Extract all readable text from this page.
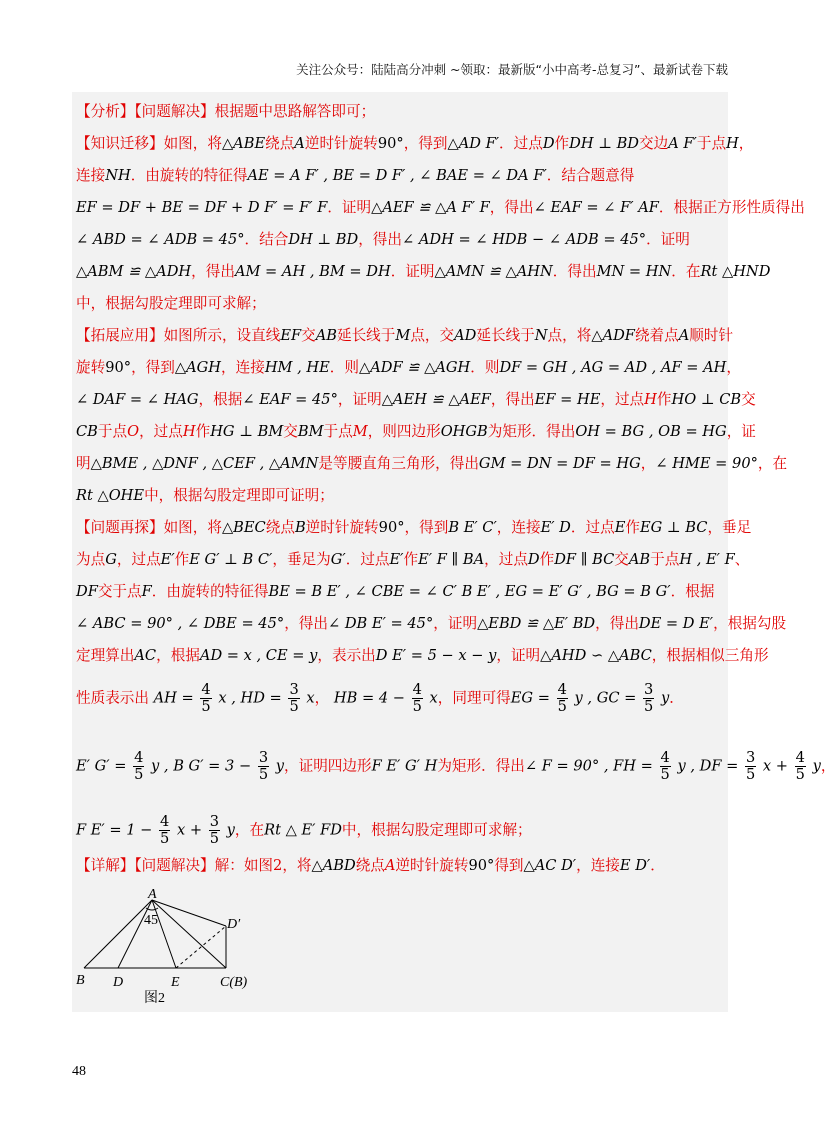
关注公众号：陆陆高分冲刺 ~领取：最新版“小中高考-总复习”、最新试卷下载
【分析】【问题解决】根据题中思路解答即可；
【知识迁移】如图，将△ABE绕点A逆时针旋转90°，得到△AD F′．过点D作DH ⊥ BD交边A F′于点H，
连接NH．由旋转的特征得AE = A F′ , BE = D F′ , ∠ BAE = ∠ DA F′．结合题意得
EF = DF + BE = DF + D F′ = F′ F．证明△AEF ≌ △A F′ F，得出∠ EAF = ∠ F′ AF．根据正方形性质得出
∠ ABD = ∠ ADB = 45°．结合DH ⊥ BD，得出∠ ADH = ∠ HDB − ∠ ADB = 45°．证明
△ABM ≌ △ADH，得出AM = AH , BM = DH．证明△AMN ≌ △AHN．得出MN = HN．在Rt △HND
中，根据勾股定理即可求解；
【拓展应用】如图所示，设直线EF交AB延长线于M点，交AD延长线于N点，将△ADF绕着点A顺时针
旋转90°，得到△AGH，连接HM , HE．则△ADF ≌ △AGH．则DF = GH , AG = AD , AF = AH，
∠ DAF = ∠ HAG，根据∠ EAF = 45°，证明△AEH ≌ △AEF，得出EF = HE，过点H作HO ⊥ CB交
CB于点O，过点H作HG ⊥ BM交BM于点M，则四边形OHGB为矩形．得出OH = BG , OB = HG，证
明△BME , △DNF , △CEF , △AMN是等腰直角三角形，得出GM = DN = DF = HG，∠ HME = 90°，在
Rt △OHE中，根据勾股定理即可证明；
【问题再探】如图，将△BEC绕点B逆时针旋转90°，得到B E′ C′，连接E′ D．过点E作EG ⊥ BC，垂足
为点G，过点E′作E G′ ⊥ B C′，垂足为G′．过点E′作E′ F ∥ BA，过点D作DF ∥ BC交AB于点H , E′ F、
DF交于点F．由旋转的特征得BE = B E′ , ∠ CBE = ∠ C′ B E′ , EG = E′ G′ , BG = B G′．根据
∠ ABC = 90° , ∠ DBE = 45°，得出∠ DB E′ = 45°，证明△EBD ≌ △E′ BD，得出DE = D E′，根据勾股
定理算出AC，根据AD = x , CE = y，表示出D E′ = 5 − x − y，证明△AHD ∽ △ABC，根据相似三角形
性质表示出 AH = $\frac{4}{5}$ x , HD = $\frac{3}{5}$ x， HB = $4 - \frac{4}{5}$ x，同理可得EG = $\frac{4}{5}$ y , GC = $\frac{3}{5}$ y．
E′ $G' = \frac{4}{5}$ y , B $G' = 3 - \frac{3}{5}$ y，证明四边形F E′ G′ H为矩形．得出∠ F = 90° , FH = $\frac{4}{5}$ y , DF = $\frac{3}{5}$ $x + \frac{4}{5}$ y，
F $E' = 1 - \frac{4}{5}$ $x + \frac{3}{5}$ y，在Rt △ E′ FD中，根据勾股定理即可求解；
【详解】【问题解决】解：如图2，将△ABD绕点A逆时针旋转90°得到△AC D′，连接E D′．
A
B D	E	C(B)
D′
45
图2
48
